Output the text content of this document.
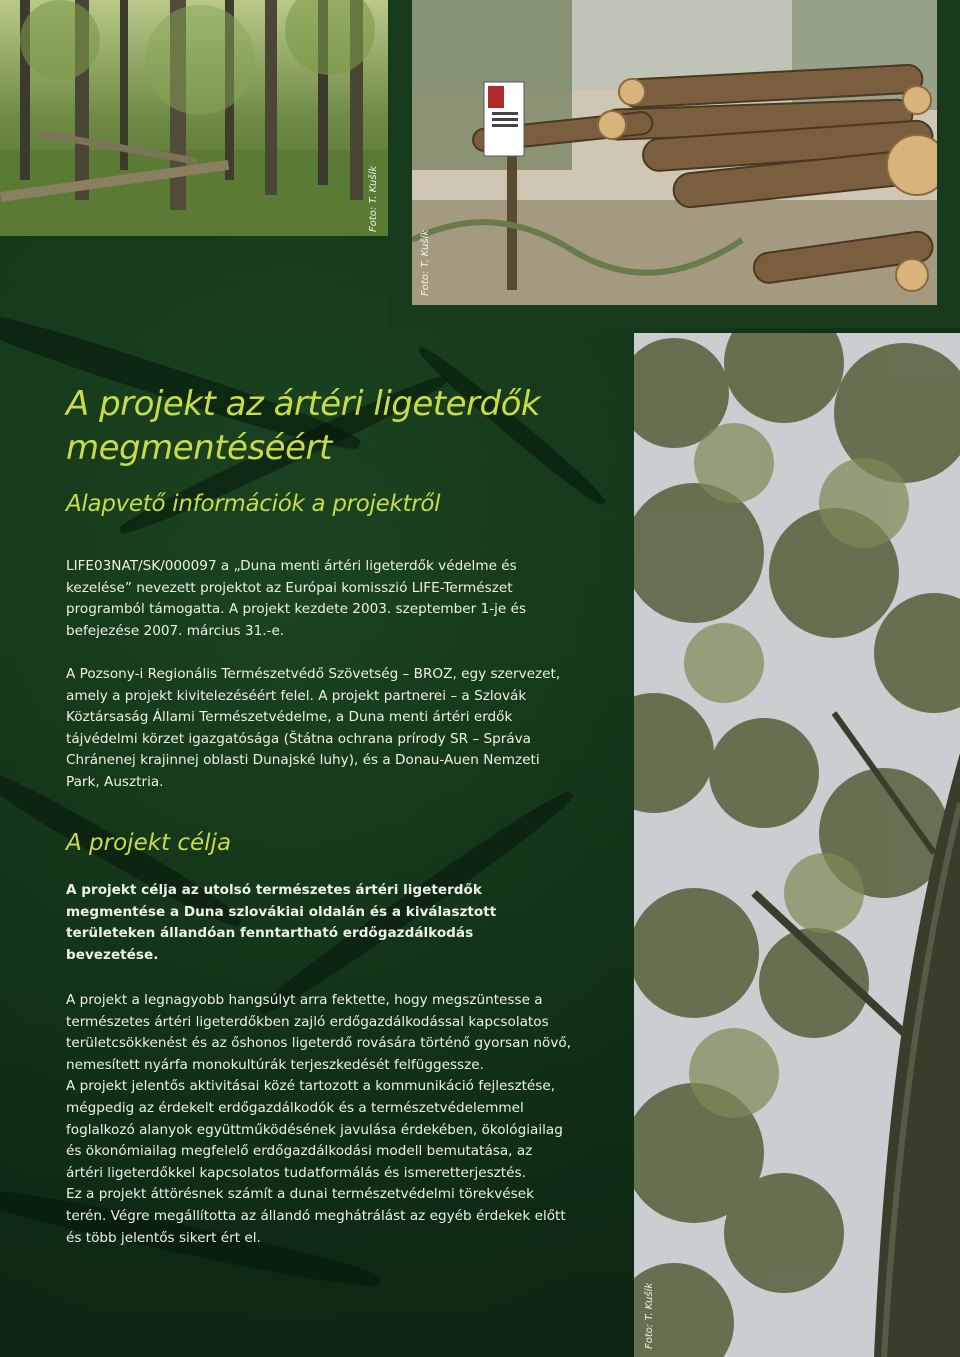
Foto: T. Kušík
Foto: T. Kušík
Foto: T. Kušík
A projekt az ártéri ligeterdők megmentéséért
Alapvető információk a projektről

LIFE03NAT/SK/000097 a „Duna menti ártéri ligeterdők védelme és kezelése” nevezett projektot az Európai komisszió LIFE-Természet programból támogatta. A projekt kezdete 2003. szeptember 1-je és befejezése 2007. március 31.-e.

A Pozsony-i Regionális Természetvédő Szövetség – BROZ, egy szervezet, amely a projekt kivitelezéséért felel. A projekt partnerei – a Szlovák Köztársaság Állami Természetvédelme, a Duna menti ártéri erdők tájvédelmi körzet igazgatósága (Štátna ochrana prírody SR – Správa Chránenej krajinnej oblasti Dunajské luhy), és a Donau-Auen Nemzeti Park, Ausztria.

A projekt célja

A projekt célja az utolsó természetes ártéri ligeterdők megmentése a Duna szlovákiai oldalán és a kiválasztott területeken állandóan fenntartható erdőgazdálkodás bevezetése.

A projekt a legnagyobb hangsúlyt arra fektette, hogy megszüntesse a természetes ártéri ligeterdőkben zajló erdőgazdálkodással kapcsolatos területcsökkenést és az őshonos ligeterdő rovására történő gyorsan növő, nemesített nyárfa monokultúrák terjeszkedését felfüggessze.
A projekt jelentős aktivitásai közé tartozott a kommunikáció fejlesztése, mégpedig az érdekelt erdőgazdálkodók és a természetvédelemmel foglalkozó alanyok együttműködésének javulása érdekében, ökológiailag és ökonómiailag megfelelő erdőgazdálkodási modell bemutatása, az ártéri ligeterdőkkel kapcsolatos tudatformálás és ismeretterjesztés.
Ez a projekt áttörésnek számít a dunai természetvédelmi törekvések terén. Végre megállította az állandó meghátrálást az egyéb érdekek előtt és több jelentős sikert ért el.
